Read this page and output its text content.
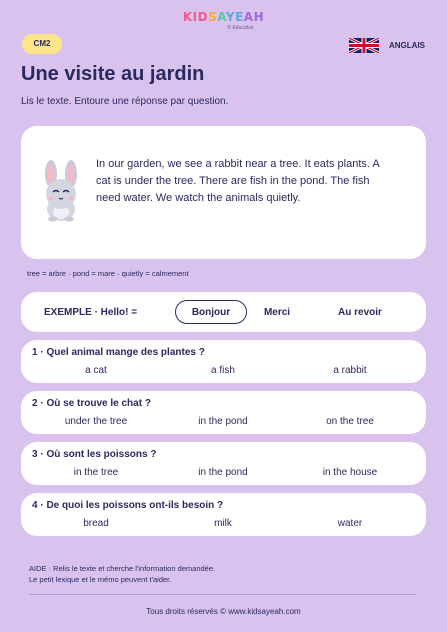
KIDSAYEAH
® Educafun
CM2	ANGLAIS
Une visite au jardin
Lis le texte. Entoure une réponse par question.
In our garden, we see a rabbit near a tree. It eats plants. A cat is under the tree. There are fish in the pond. The fish need water. We watch the animals quietly.
tree = arbre · pond = mare · quietly = calmement
EXEMPLE · Hello! =	Bonjour	Merci	Au revoir
1 · Quel animal mange des plantes ?
a cat	a fish	a rabbit
2 · Où se trouve le chat ?
under the tree	in the pond	on the tree
3 · Où sont les poissons ?
in the tree	in the pond	in the house
4 · De quoi les poissons ont-ils besoin ?
bread	milk	water
AIDE · Relis le texte et cherche l'information demandée.
Le petit lexique et le mémo peuvent t'aider.
Tous droits réservés © www.kidsayeah.com
